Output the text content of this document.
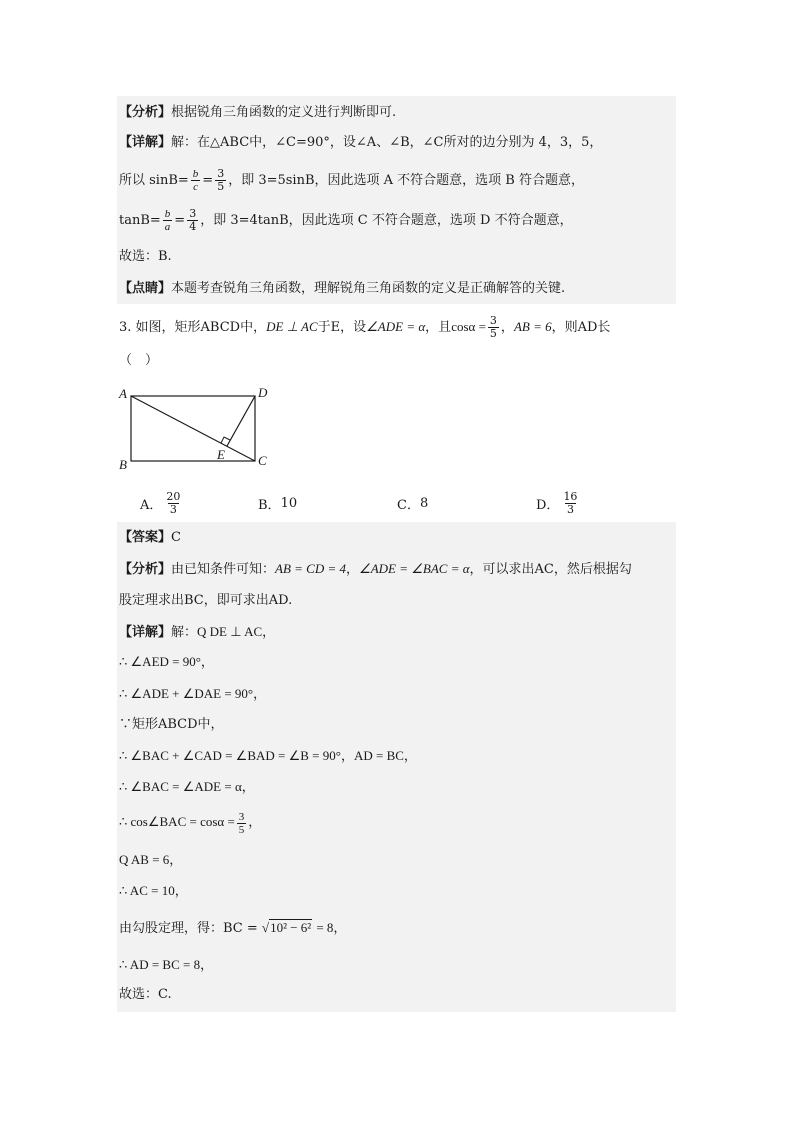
【分析】根据锐角三角函数的定义进行判断即可.
【详解】解：在△ABC中，∠C=90°，设∠A、∠B，∠C所对的边分别为 4，3，5，
所以 $\sin B= \frac{b}{c} = \frac{3}{5}$ ，即 3=5sinB，因此选项 A 不符合题意，选项 B 符合题意，
$\tan B= \frac{b}{a} = \frac{3}{4}$ ，即 3=4tanB，因此选项 C 不符合题意，选项 D 不符合题意，
故选：B.
【点睛】本题考查锐角三角函数，理解锐角三角函数的定义是正确解答的关键.
3. 如图，矩形ABCD中，DE ⊥ AC于E，设∠ADE = α，且$\cos\alpha = \frac{3}{5}$ ，AB = 6，则AD长
（　）
A	D
B	C
E
A． $\frac{20}{3}$	B． 10	C． 8	D． $\frac{16}{3}$
【答案】C
【分析】由已知条件可知：AB = CD = 4，∠ADE = ∠BAC = α，可以求出AC，然后根据勾
股定理求出BC，即可求出AD.
【详解】解：Q DE ⊥ AC，
∴ ∠AED = 90°，
∴ ∠ADE + ∠DAE = 90°，
∵矩形ABCD中，
∴ ∠BAC + ∠CAD = ∠BAD = ∠B = 90°，AD = BC，
∴ ∠BAC = ∠ADE = α，
∴ cos∠BAC = $\cos\alpha = \frac{3}{5}$ ，
Q AB = 6，
∴ AC = 10，
由勾股定理，得：BC = √10² − 6² = 8，
∴ AD = BC = 8，
故选：C.
